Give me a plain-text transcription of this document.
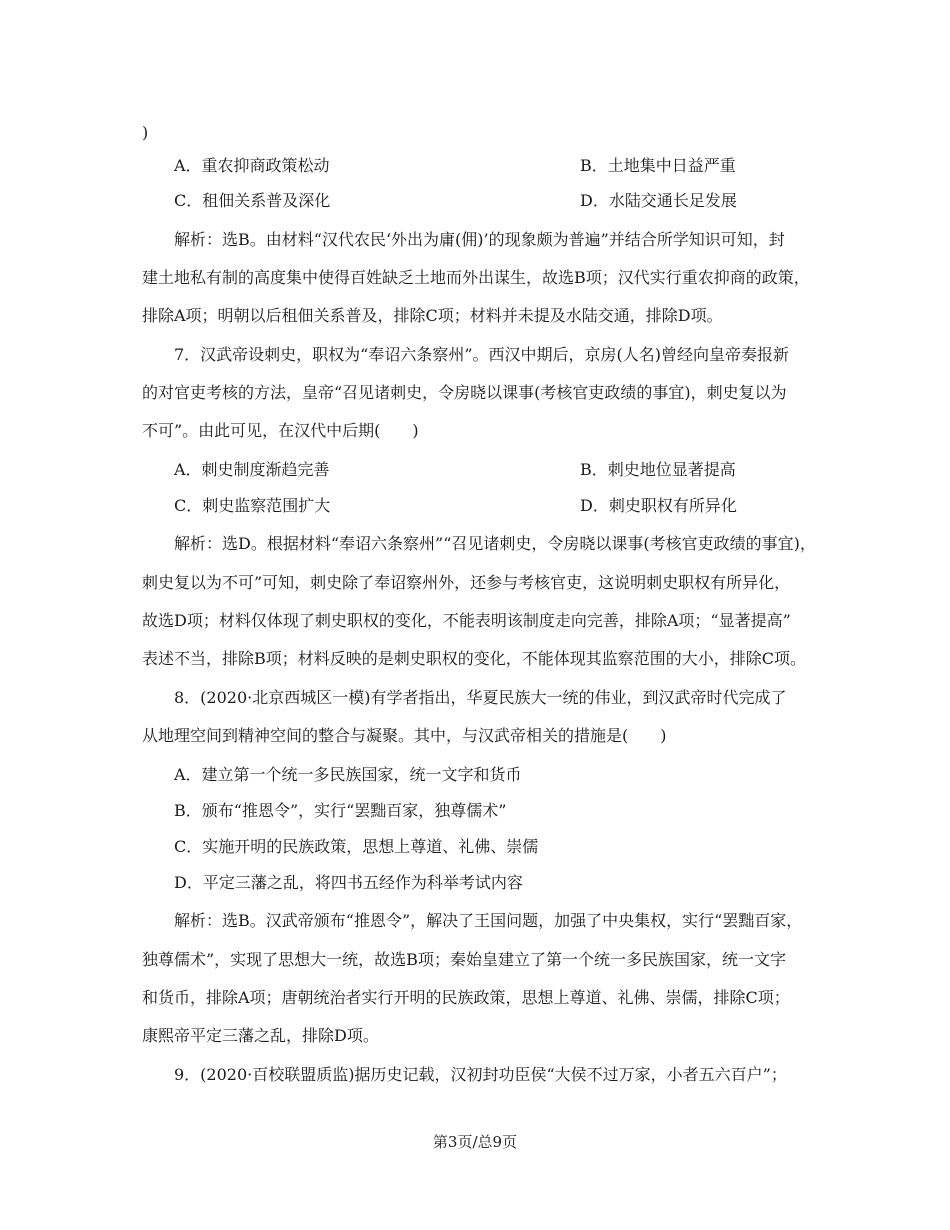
)
A．重农抑商政策松动	B．土地集中日益严重
C．租佃关系普及深化	D．水陆交通长足发展
解析：选B。由材料“汉代农民‘外出为庸(佣)’的现象颇为普遍”并结合所学知识可知，封
建土地私有制的高度集中使得百姓缺乏土地而外出谋生，故选B项；汉代实行重农抑商的政策，
排除A项；明朝以后租佃关系普及，排除C项；材料并未提及水陆交通，排除D项。
7．汉武帝设刺史，职权为“奉诏六条察州”。西汉中期后，京房(人名)曾经向皇帝奏报新
的对官吏考核的方法，皇帝“召见诸刺史，令房晓以课事(考核官吏政绩的事宜)，刺史复以为
不可”。由此可见，在汉代中后期(　　)
A．刺史制度渐趋完善	B．刺史地位显著提高
C．刺史监察范围扩大	D．刺史职权有所异化
解析：选D。根据材料“奉诏六条察州”“召见诸刺史，令房晓以课事(考核官吏政绩的事宜)，
刺史复以为不可”可知，刺史除了奉诏察州外，还参与考核官吏，这说明刺史职权有所异化，
故选D项；材料仅体现了刺史职权的变化，不能表明该制度走向完善，排除A项；“显著提高”
表述不当，排除B项；材料反映的是刺史职权的变化，不能体现其监察范围的大小，排除C项。
8．(2020·北京西城区一模)有学者指出，华夏民族大一统的伟业，到汉武帝时代完成了
从地理空间到精神空间的整合与凝聚。其中，与汉武帝相关的措施是(　　)
A．建立第一个统一多民族国家，统一文字和货币
B．颁布“推恩令”，实行“罢黜百家，独尊儒术”
C．实施开明的民族政策，思想上尊道、礼佛、崇儒
D．平定三藩之乱，将四书五经作为科举考试内容
解析：选B。汉武帝颁布“推恩令”，解决了王国问题，加强了中央集权，实行“罢黜百家，
独尊儒术”，实现了思想大一统，故选B项；秦始皇建立了第一个统一多民族国家，统一文字
和货币，排除A项；唐朝统治者实行开明的民族政策，思想上尊道、礼佛、崇儒，排除C项；
康熙帝平定三藩之乱，排除D项。
9．(2020·百校联盟质监)据历史记载，汉初封功臣侯“大侯不过万家，小者五六百户”；
第3页/总9页
